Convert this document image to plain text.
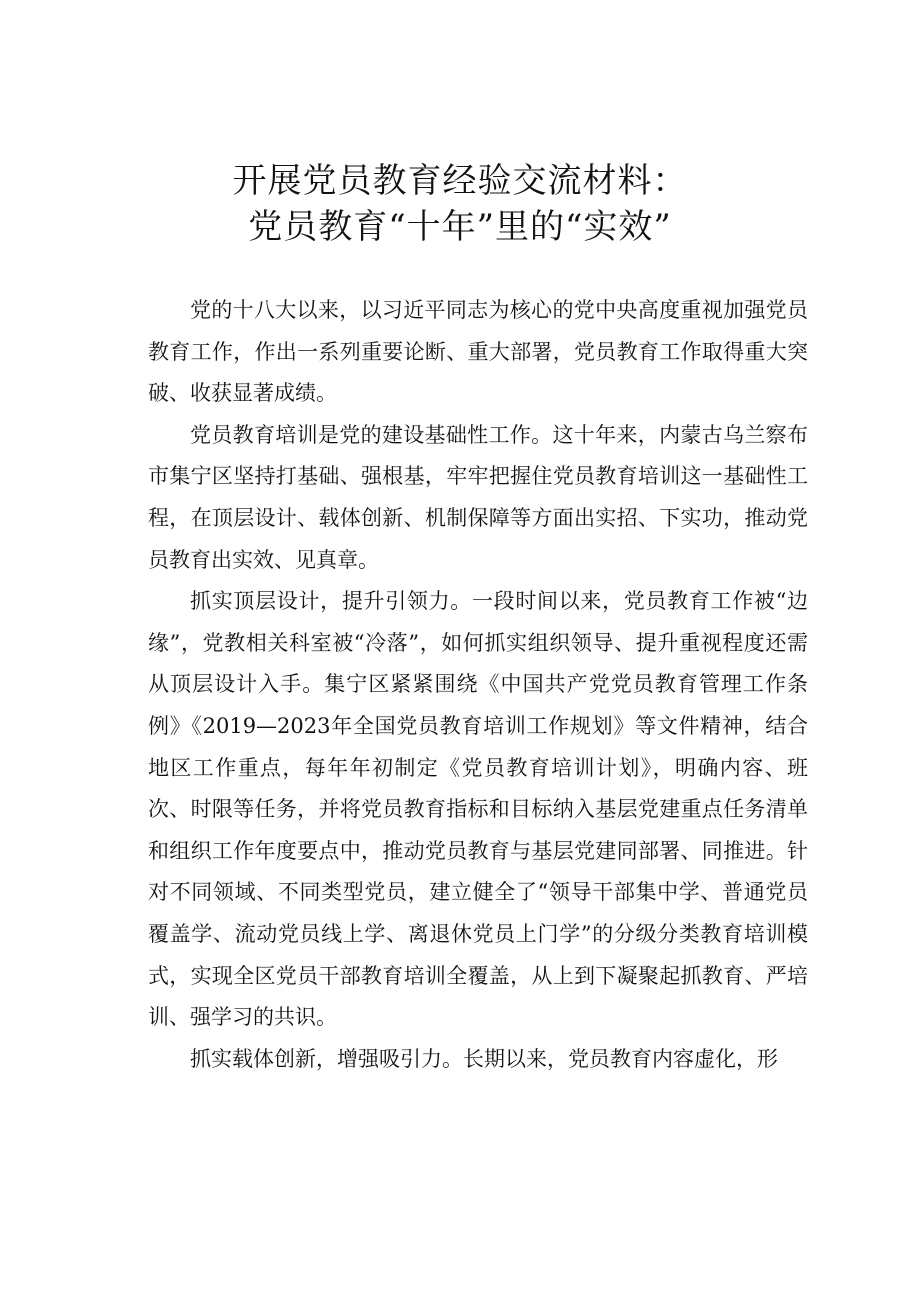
开展党员教育经验交流材料：
党员教育“十年”里的“实效”

党的十八大以来，以习近平同志为核心的党中央高度重视加强党员教育工作，作出一系列重要论断、重大部署，党员教育工作取得重大突破、收获显著成绩。

党员教育培训是党的建设基础性工作。这十年来，内蒙古乌兰察布市集宁区坚持打基础、强根基，牢牢把握住党员教育培训这一基础性工程，在顶层设计、载体创新、机制保障等方面出实招、下实功，推动党员教育出实效、见真章。

抓实顶层设计，提升引领力。一段时间以来，党员教育工作被“边缘”，党教相关科室被“冷落”，如何抓实组织领导、提升重视程度还需从顶层设计入手。集宁区紧紧围绕《中国共产党党员教育管理工作条例》《2019—2023年全国党员教育培训工作规划》等文件精神，结合地区工作重点，每年年初制定《党员教育培训计划》，明确内容、班次、时限等任务，并将党员教育指标和目标纳入基层党建重点任务清单和组织工作年度要点中，推动党员教育与基层党建同部署、同推进。针对不同领域、不同类型党员，建立健全了“领导干部集中学、普通党员覆盖学、流动党员线上学、离退休党员上门学”的分级分类教育培训模式，实现全区党员干部教育培训全覆盖，从上到下凝聚起抓教育、严培训、强学习的共识。

抓实载体创新，增强吸引力。长期以来，党员教育内容虚化，形
